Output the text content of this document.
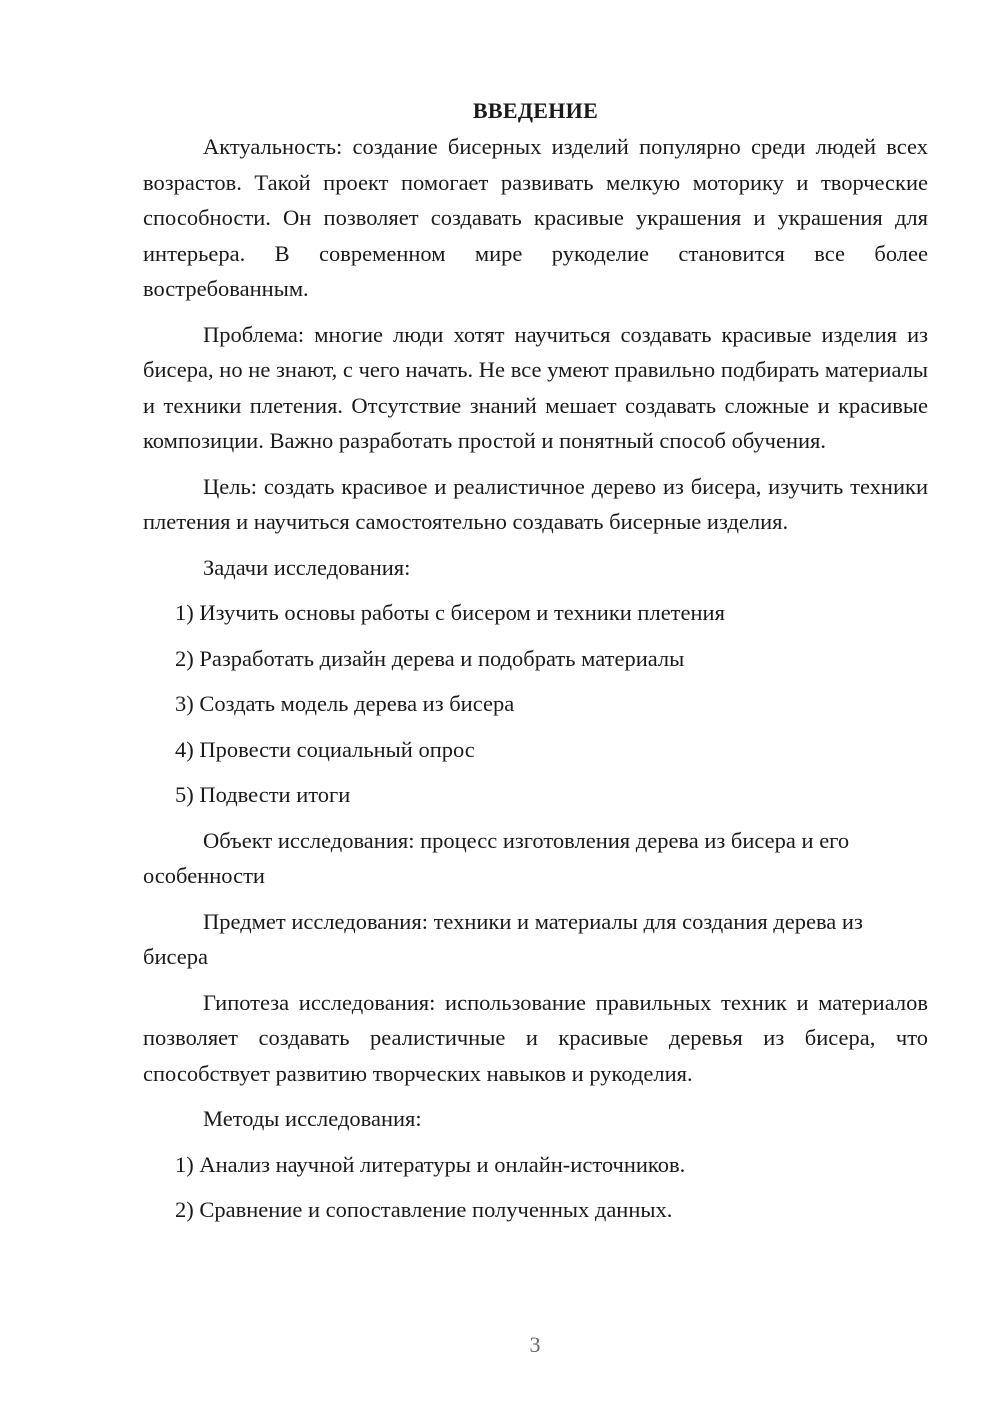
ВВЕДЕНИЕ

Актуальность: создание бисерных изделий популярно среди людей всех возрастов. Такой проект помогает развивать мелкую моторику и творческие способности. Он позволяет создавать красивые украшения и украшения для интерьера. В современном мире рукоделие становится все более востребованным.

Проблема: многие люди хотят научиться создавать красивые изделия из бисера, но не знают, с чего начать. Не все умеют правильно подбирать материалы и техники плетения. Отсутствие знаний мешает создавать сложные и красивые композиции. Важно разработать простой и понятный способ обучения.

Цель: создать красивое и реалистичное дерево из бисера, изучить техники плетения и научиться самостоятельно создавать бисерные изделия.

Задачи исследования:

1) Изучить основы работы с бисером и техники плетения
2) Разработать дизайн дерева и подобрать материалы
3) Создать модель дерева из бисера
4) Провести социальный опрос
5) Подвести итоги

Объект исследования: процесс изготовления дерева из бисера и его особенности

Предмет исследования: техники и материалы для создания дерева из бисера

Гипотеза исследования: использование правильных техник и материалов позволяет создавать реалистичные и красивые деревья из бисера, что способствует развитию творческих навыков и рукоделия.

Методы исследования:

1) Анализ научной литературы и онлайн-источников.
2) Сравнение и сопоставление полученных данных.
3
